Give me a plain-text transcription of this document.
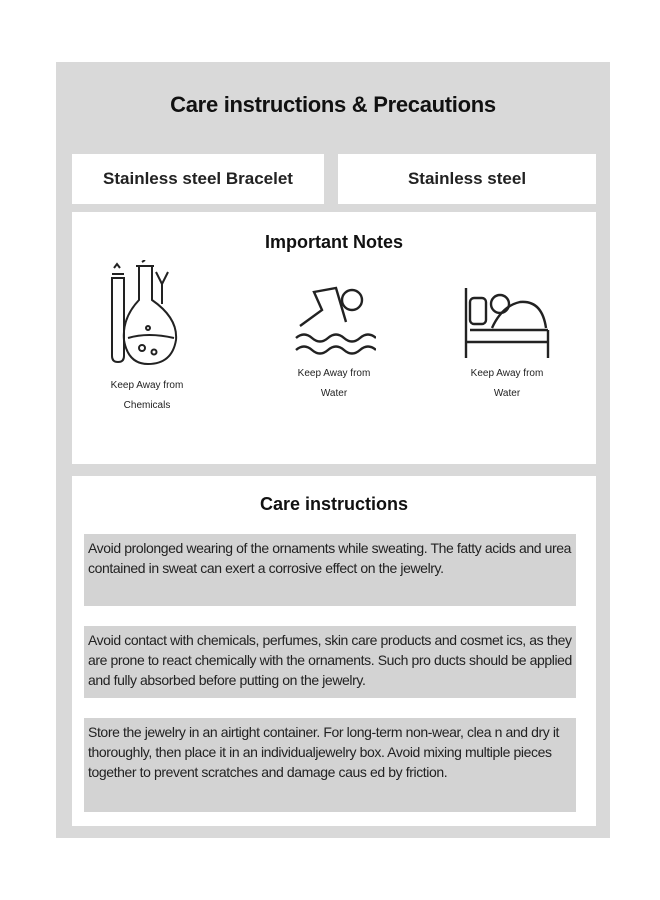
Care instructions & Precautions
Stainless steel Bracelet	Stainless steel
Important Notes
Keep Away from Chemicals
Keep Away from Water
Keep Away from Water
Care instructions
Avoid prolonged wearing of the ornaments while sweating. The fatty acids and urea contained in sweat can exert a corrosive effect on the jewelry.
Avoid contact with chemicals, perfumes, skin care products and cosmet ics, as they are prone to react chemically with the ornaments. Such pro ducts should be applied and fully absorbed before putting on the jewelry.
Store the jewelry in an airtight container. For long-term non-wear, clea n and dry it thoroughly, then place it in an individualjewelry box. Avoid mixing multiple pieces together to prevent scratches and damage caus ed by friction.
